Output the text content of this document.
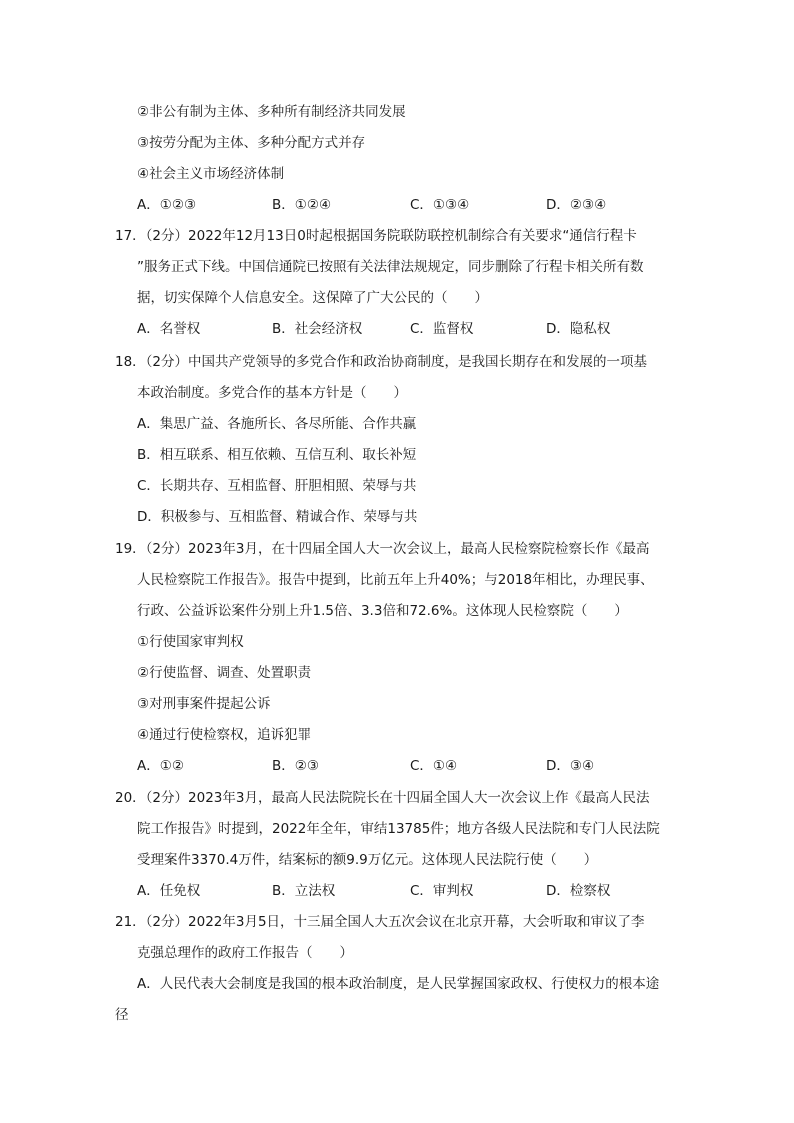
②非公有制为主体、多种所有制经济共同发展
③按劳分配为主体、多种分配方式并存
④社会主义市场经济体制
A．①②③	B．①②④	C．①③④	D．②③④
17．（2分）2022年12月13日0时起根据国务院联防联控机制综合有关要求“通信行程卡
”服务正式下线。中国信通院已按照有关法律法规规定，同步删除了行程卡相关所有数
据，切实保障个人信息安全。这保障了广大公民的（　　）
A．名誉权	B．社会经济权	C．监督权	D．隐私权
18．（2分）中国共产党领导的多党合作和政治协商制度，是我国长期存在和发展的一项基
本政治制度。多党合作的基本方针是（　　）
A．集思广益、各施所长、各尽所能、合作共赢
B．相互联系、相互依赖、互信互利、取长补短
C．长期共存、互相监督、肝胆相照、荣辱与共
D．积极参与、互相监督、精诚合作、荣辱与共
19．（2分）2023年3月，在十四届全国人大一次会议上，最高人民检察院检察长作《最高
人民检察院工作报告》。报告中提到，比前五年上升40%；与2018年相比，办理民事、
行政、公益诉讼案件分别上升1.5倍、3.3倍和72.6%。这体现人民检察院（　　）
①行使国家审判权
②行使监督、调查、处置职责
③对刑事案件提起公诉
④通过行使检察权，追诉犯罪
A．①②	B．②③	C．①④	D．③④
20．（2分）2023年3月，最高人民法院院长在十四届全国人大一次会议上作《最高人民法
院工作报告》时提到，2022年全年，审结13785件；地方各级人民法院和专门人民法院
受理案件3370.4万件，结案标的额9.9万亿元。这体现人民法院行使（　　）
A．任免权	B．立法权	C．审判权	D．检察权
21．（2分）2022年3月5日，十三届全国人大五次会议在北京开幕，大会听取和审议了李
克强总理作的政府工作报告（　　）
A．人民代表大会制度是我国的根本政治制度，是人民掌握国家政权、行使权力的根本途
径
